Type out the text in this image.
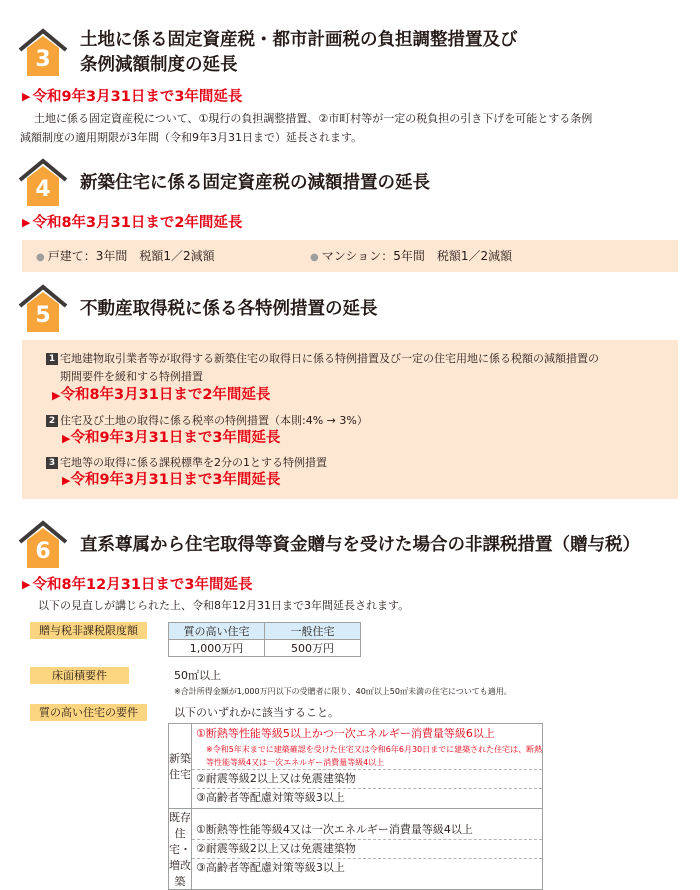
3
土地に係る固定資産税・都市計画税の負担調整措置及び
条例減額制度の延長
▶ 令和9年3月31日まで3年間延長
土地に係る固定資産税について、①現行の負担調整措置、②市町村等が一定の税負担の引き下げを可能とする条例
減額制度の適用期限が3年間（令和9年3月31日まで）延長されます。
4	新築住宅に係る固定資産税の減額措置の延長
▶ 令和8年3月31日まで2年間延長
● 戸建て：3年間　税額1／2減額	● マンション：5年間　税額1／2減額
5	不動産取得税に係る各特例措置の延長
1 宅地建物取引業者等が取得する新築住宅の取得日に係る特例措置及び一定の住宅用地に係る税額の減額措置の
期間要件を緩和する特例措置
▶令和8年3月31日まで2年間延長
2 住宅及び土地の取得に係る税率の特例措置（本則:4% → 3%）
▶令和9年3月31日まで3年間延長
3 宅地等の取得に係る課税標準を2分の1とする特例措置
▶令和9年3月31日まで3年間延長
6	直系尊属から住宅取得等資金贈与を受けた場合の非課税措置（贈与税）
▶ 令和8年12月31日まで3年間延長
以下の見直しが講じられた上、令和8年12月31日まで3年間延長されます。
贈与税非課税限度額	質の高い住宅	一般住宅
1,000万円	500万円
床面積要件	50㎡以上
※合計所得金額が1,000万円以下の受贈者に限り、40㎡以上50㎡未満の住宅についても適用。
質の高い住宅の要件	以下のいずれかに該当すること。
新築住宅	①断熱等性能等級5以上かつ一次エネルギー消費量等級6以上
※令和5年末までに建築確認を受けた住宅又は令和6年6月30日までに建築された住宅は、断熱
等性能等級4又は一次エネルギー消費量等級4以上
②耐震等級2以上又は免震建築物
③高齢者等配慮対策等級3以上

既存住宅・増改築	①断熱等性能等級4又は一次エネルギー消費量等級4以上
②耐震等級2以上又は免震建築物
③高齢者等配慮対策等級3以上
